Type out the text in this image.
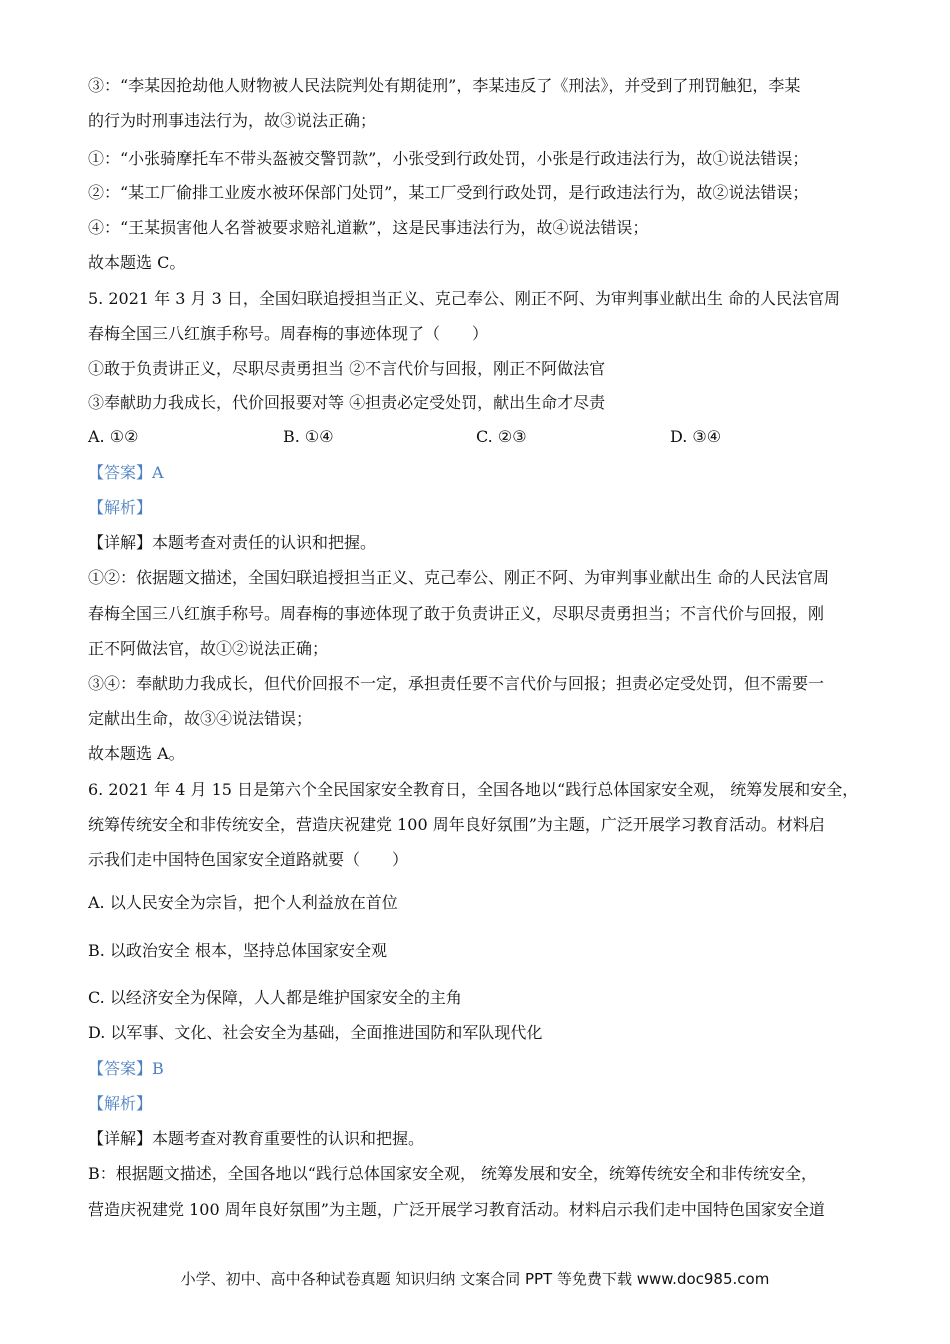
③：“李某因抢劫他人财物被人民法院判处有期徒刑”，李某违反了《刑法》，并受到了刑罚触犯，李某
的行为时刑事违法行为，故③说法正确；
①：“小张骑摩托车不带头盔被交警罚款”，小张受到行政处罚，小张是行政违法行为，故①说法错误；
②：“某工厂偷排工业废水被环保部门处罚”，某工厂受到行政处罚，是行政违法行为，故②说法错误；
④：“王某损害他人名誉被要求赔礼道歉”，这是民事违法行为，故④说法错误；
故本题选 C。
5. 2021 年 3 月 3 日，全国妇联追授担当正义、克己奉公、刚正不阿、为审判事业献出生 命的人民法官周
春梅全国三八红旗手称号。周春梅的事迹体现了（　　）
①敢于负责讲正义，尽职尽责勇担当 ②不言代价与回报，刚正不阿做法官
③奉献助力我成长，代价回报要对等 ④担责必定受处罚，献出生命才尽责
A. ①②	B. ①④	C. ②③	D. ③④
【答案】A
【解析】
【详解】本题考查对责任的认识和把握。
①②：依据题文描述，全国妇联追授担当正义、克己奉公、刚正不阿、为审判事业献出生 命的人民法官周
春梅全国三八红旗手称号。周春梅的事迹体现了敢于负责讲正义，尽职尽责勇担当；不言代价与回报，刚
正不阿做法官，故①②说法正确；
③④：奉献助力我成长，但代价回报不一定，承担责任要不言代价与回报；担责必定受处罚，但不需要一
定献出生命，故③④说法错误；
故本题选 A。
6. 2021 年 4 月 15 日是第六个全民国家安全教育日，全国各地以“践行总体国家安全观， 统筹发展和安全，
统筹传统安全和非传统安全，营造庆祝建党 100 周年良好氛围”为主题，广泛开展学习教育活动。材料启
示我们走中国特色国家安全道路就要（　　）
A. 以人民安全为宗旨，把个人利益放在首位
B. 以政治安全 根本，坚持总体国家安全观
C. 以经济安全为保障，人人都是维护国家安全的主角
D. 以军事、文化、社会安全为基础，全面推进国防和军队现代化
【答案】B
【解析】
【详解】本题考查对教育重要性的认识和把握。
B：根据题文描述，全国各地以“践行总体国家安全观， 统筹发展和安全，统筹传统安全和非传统安全，
营造庆祝建党 100 周年良好氛围”为主题，广泛开展学习教育活动。材料启示我们走中国特色国家安全道
小学、初中、高中各种试卷真题 知识归纳 文案合同 PPT 等免费下载 www.doc985.com
